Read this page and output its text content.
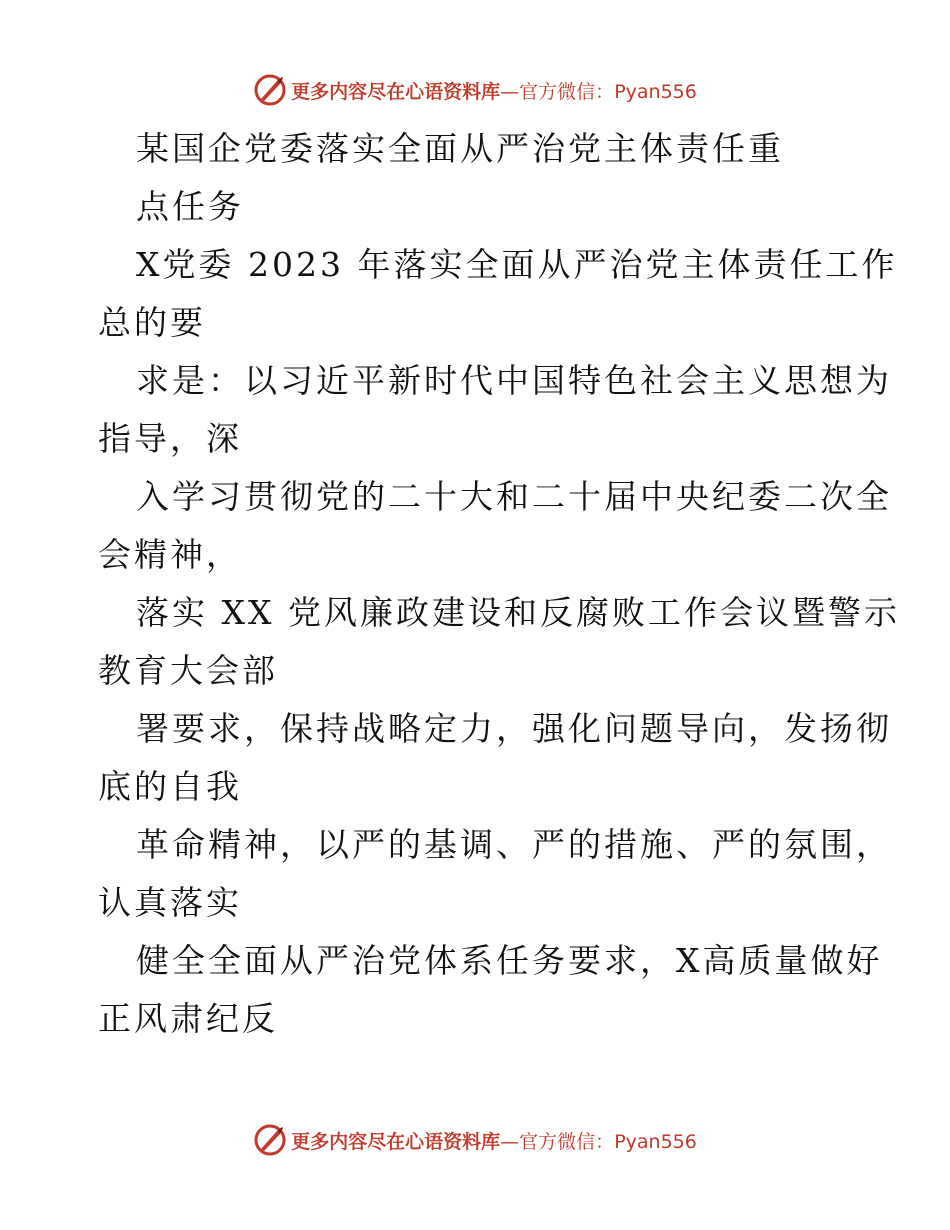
更多内容尽在心语资料库—官方微信：Pyan556
某国企党委落实全面从严治党主体责任重
点任务
X党委 2023 年落实全面从严治党主体责任工作
总的要
求是：以习近平新时代中国特色社会主义思想为
指导，深
入学习贯彻党的二十大和二十届中央纪委二次全
会精神，
落实 XX 党风廉政建设和反腐败工作会议暨警示
教育大会部
署要求，保持战略定力，强化问题导向，发扬彻
底的自我
革命精神，以严的基调、严的措施、严的氛围，
认真落实
健全全面从严治党体系任务要求，X高质量做好
正风肃纪反
更多内容尽在心语资料库—官方微信：Pyan556
